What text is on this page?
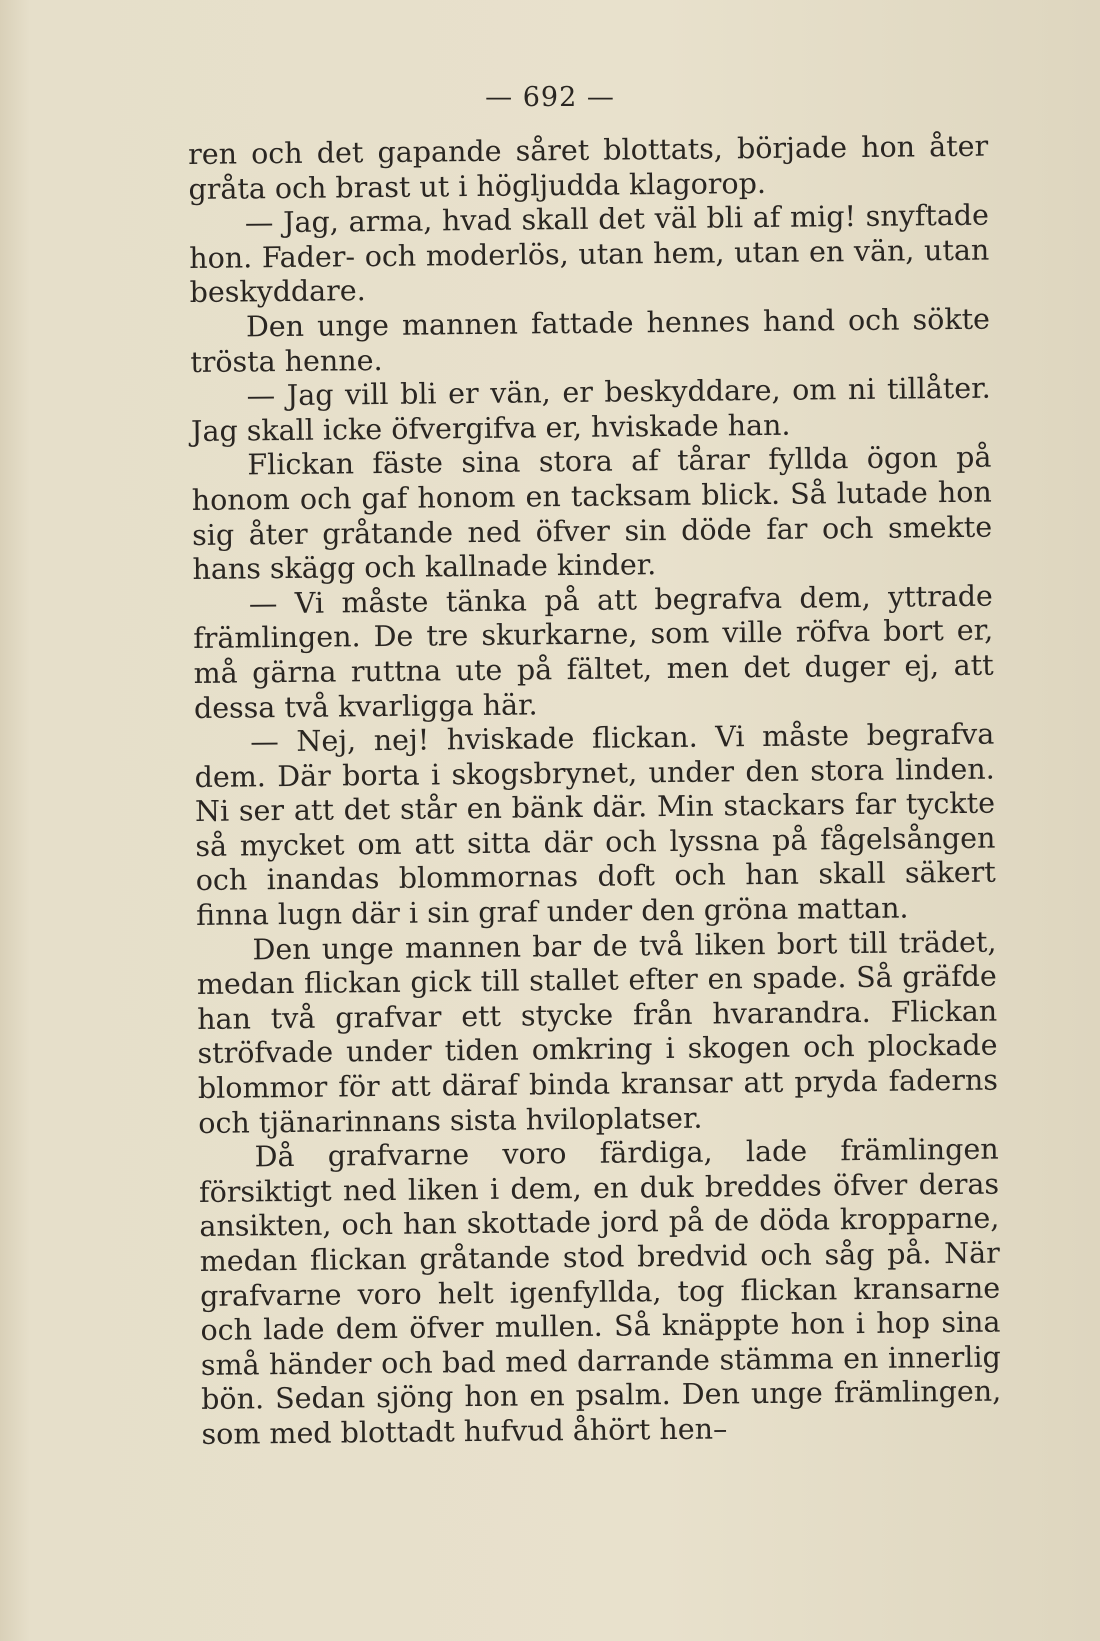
— 692 —

ren och det gapande såret blottats, började hon åter gråta och brast ut i högljudda klagorop.

— Jag, arma, hvad skall det väl bli af mig! snyftade hon. Fader- och moderlös, utan hem, utan en vän, utan beskyddare.

Den unge mannen fattade hennes hand och sökte trösta henne.

— Jag vill bli er vän, er beskyddare, om ni tillåter. Jag skall icke öfvergifva er, hviskade han.

Flickan fäste sina stora af tårar fyllda ögon på honom och gaf honom en tacksam blick. Så lutade hon sig åter gråtande ned öfver sin döde far och smekte hans skägg och kallnade kinder.

— Vi måste tänka på att begrafva dem, yttrade främlingen. De tre skurkarne, som ville röfva bort er, må gärna ruttna ute på fältet, men det duger ej, att dessa två kvarligga här.

— Nej, nej! hviskade flickan. Vi måste begrafva dem. Där borta i skogsbrynet, under den stora linden. Ni ser att det står en bänk där. Min stackars far tyckte så mycket om att sitta där och lyssna på fågelsången och inandas blommornas doft och han skall säkert finna lugn där i sin graf under den gröna mattan.

Den unge mannen bar de två liken bort till trädet, medan flickan gick till stallet efter en spade. Så gräfde han två grafvar ett stycke från hvarandra. Flickan ströfvade under tiden omkring i skogen och plockade blommor för att däraf binda kransar att pryda faderns och tjänarinnans sista hviloplatser.

Då grafvarne voro färdiga, lade främlingen försiktigt ned liken i dem, en duk breddes öfver deras ansikten, och han skottade jord på de döda kropparne, medan flickan gråtande stod bredvid och såg på. När grafvarne voro helt igenfyllda, tog flickan kransarne och lade dem öfver mullen. Så knäppte hon i hop sina små händer och bad med darrande stämma en innerlig bön. Sedan sjöng hon en psalm. Den unge främlingen, som med blottadt hufvud åhört hen–
